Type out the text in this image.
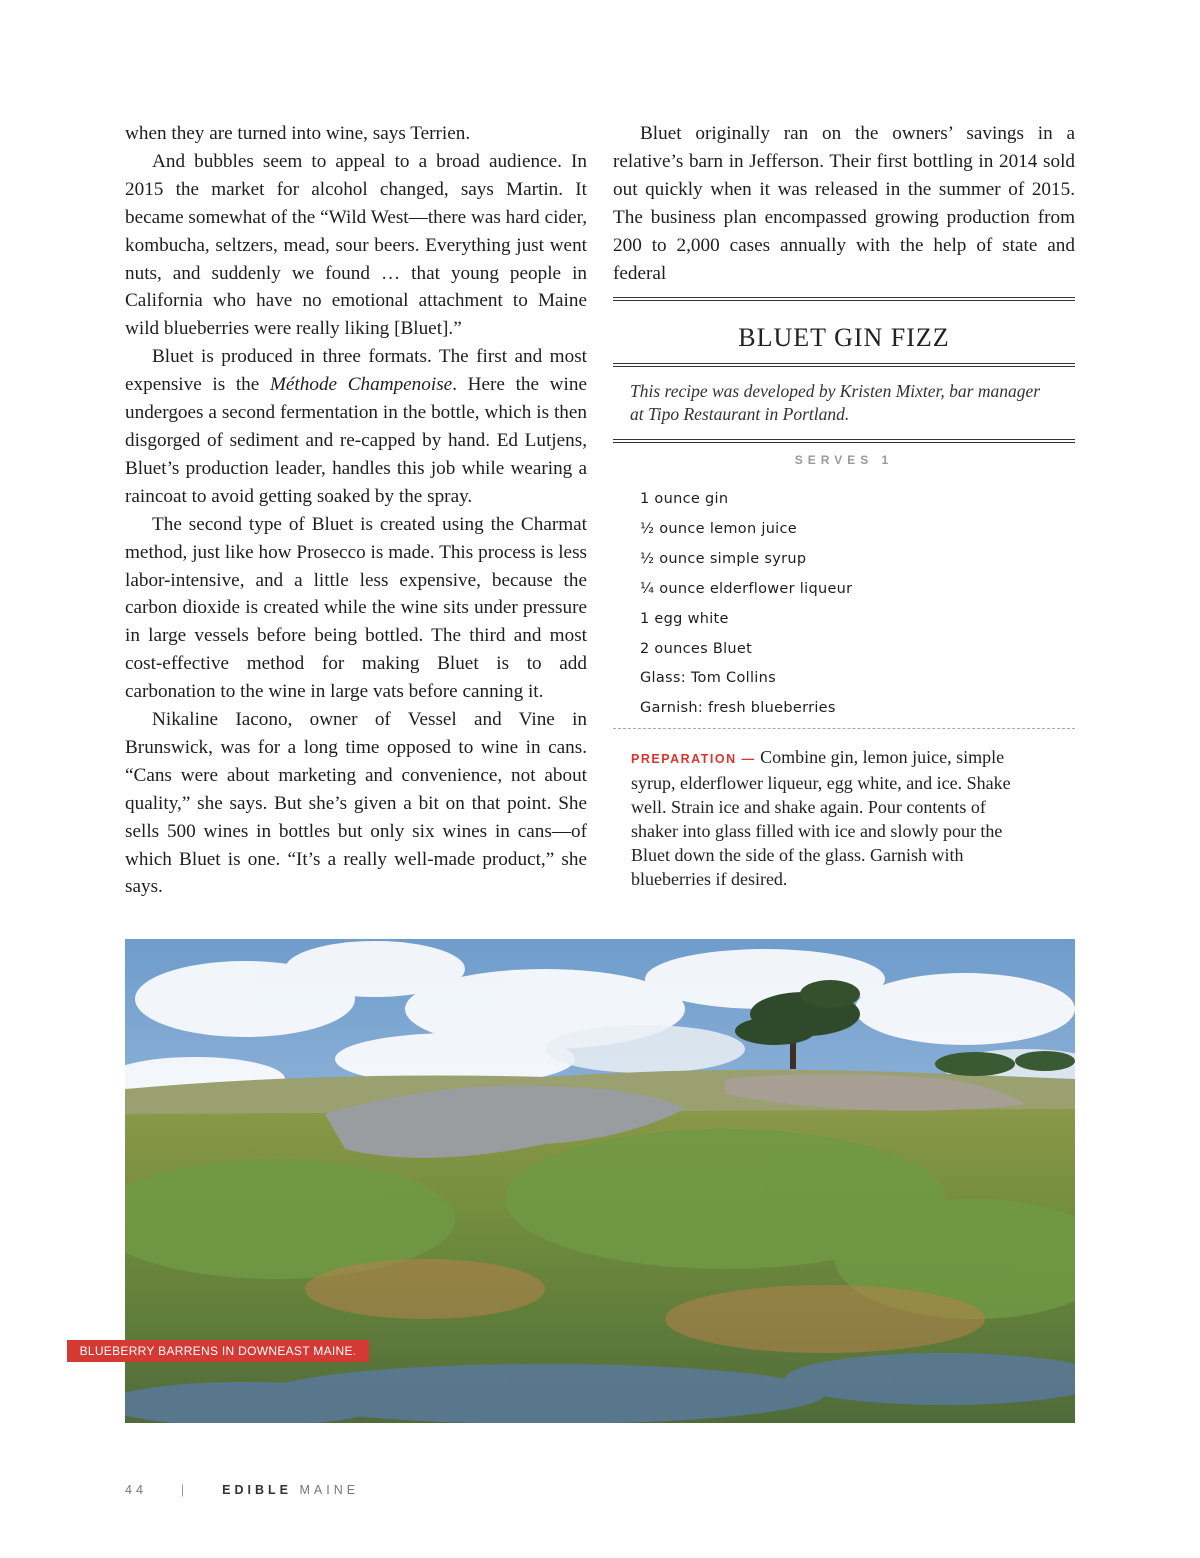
when they are turned into wine, says Terrien.

And bubbles seem to appeal to a broad audience. In 2015 the market for alcohol changed, says Martin. It became somewhat of the “Wild West—there was hard cider, kombucha, seltzers, mead, sour beers. Everything just went nuts, and suddenly we found … that young people in California who have no emotional attachment to Maine wild blueberries were really liking [Bluet].”

Bluet is produced in three formats. The first and most expensive is the Méthode Champenoise. Here the wine undergoes a second fermentation in the bottle, which is then disgorged of sediment and re-capped by hand. Ed Lutjens, Bluet’s production leader, handles this job while wearing a raincoat to avoid getting soaked by the spray.

The second type of Bluet is created using the Charmat method, just like how Prosecco is made. This process is less labor-intensive, and a little less expensive, because the carbon dioxide is created while the wine sits under pressure in large vessels before being bottled. The third and most cost-effective method for making Bluet is to add carbonation to the wine in large vats before canning it.

Nikaline Iacono, owner of Vessel and Vine in Brunswick, was for a long time opposed to wine in cans. “Cans were about marketing and convenience, not about quality,” she says. But she’s given a bit on that point. She sells 500 wines in bottles but only six wines in cans—of which Bluet is one. “It’s a really well-made product,” she says.

Bluet originally ran on the owners’ savings in a relative’s barn in Jefferson. Their first bottling in 2014 sold out quickly when it was released in the summer of 2015. The business plan encompassed growing production from 200 to 2,000 cases annually with the help of state and federal

BLUET GIN FIZZ
This recipe was developed by Kristen Mixter, bar manager at Tipo Restaurant in Portland.
SERVES 1
1 ounce gin
½ ounce lemon juice
½ ounce simple syrup
¼ ounce elderflower liqueur
1 egg white
2 ounces Bluet
Glass: Tom Collins
Garnish: fresh blueberries
PREPARATION — Combine gin, lemon juice, simple syrup, elderflower liqueur, egg white, and ice. Shake well. Strain ice and shake again. Pour contents of shaker into glass filled with ice and slowly pour the Bluet down the side of the glass. Garnish with blueberries if desired.
BLUEBERRY BARRENS IN DOWNEAST MAINE.
44	|	EDIBLE MAINE
